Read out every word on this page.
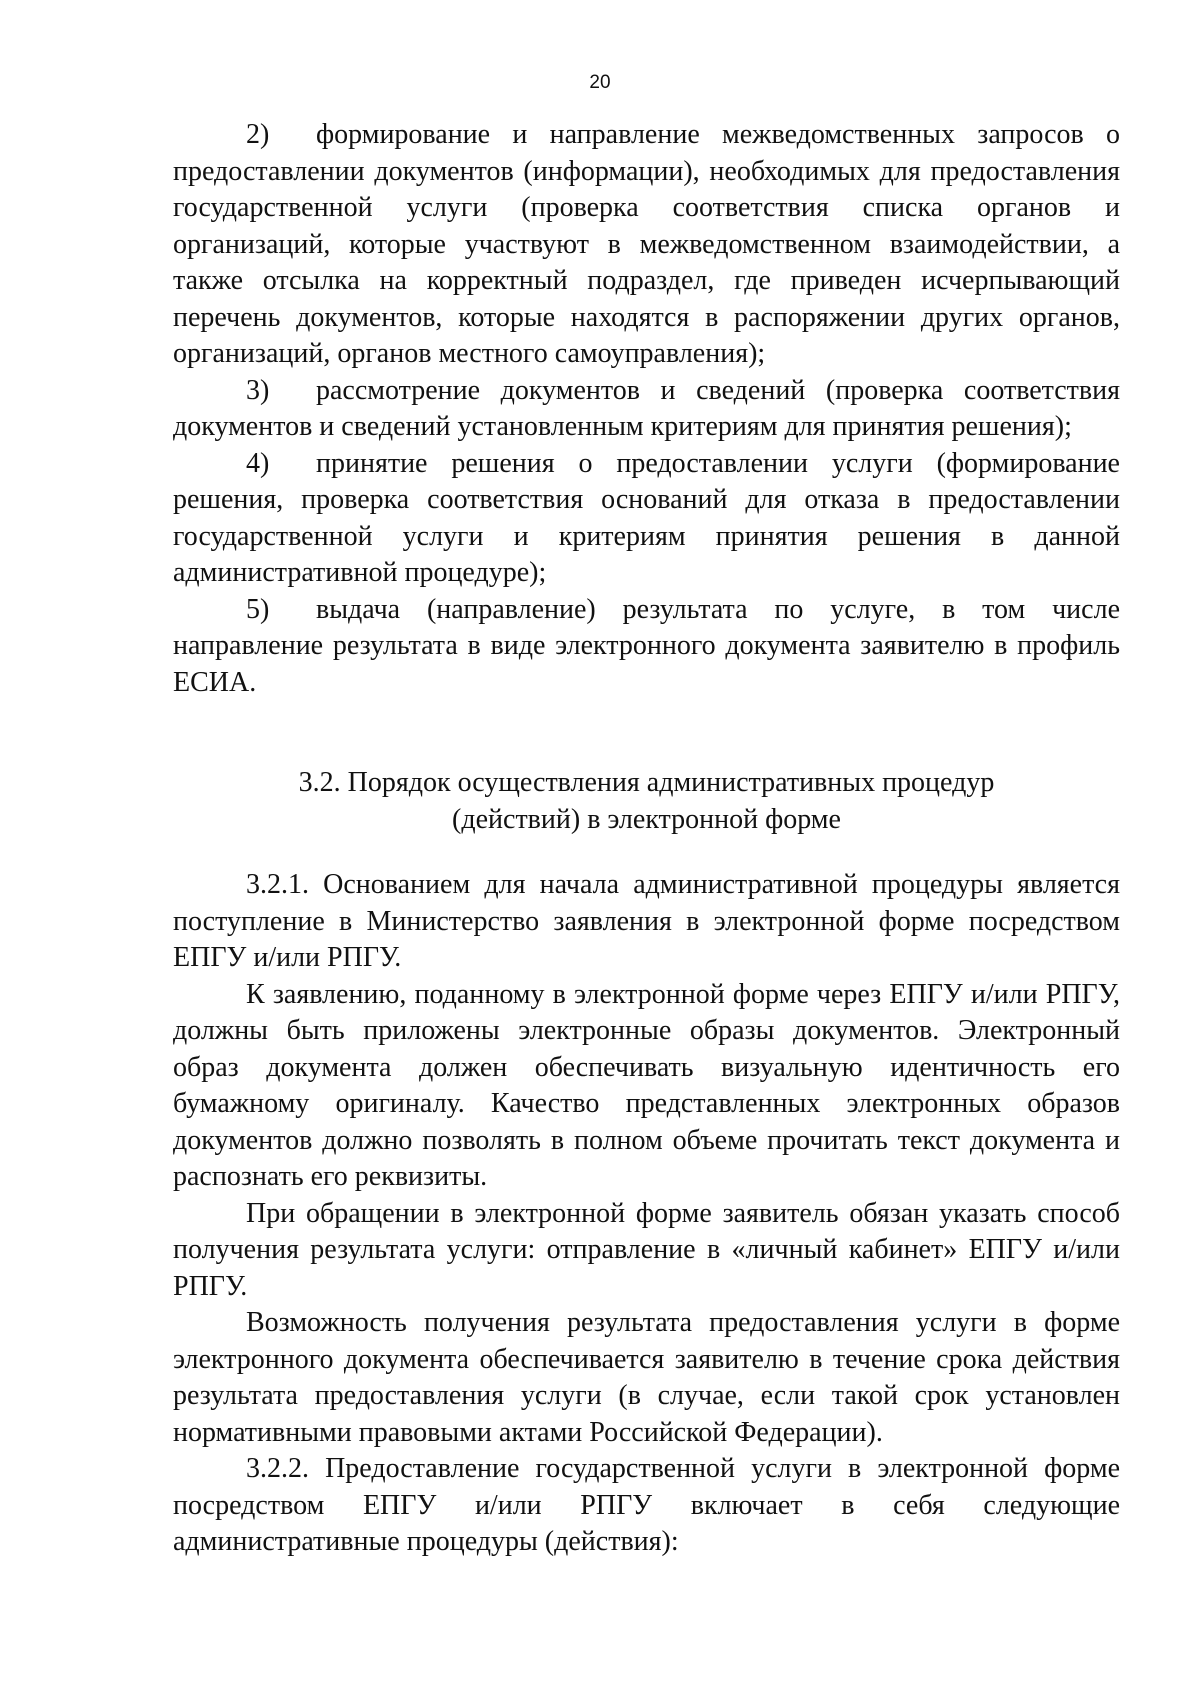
20

2) формирование и направление межведомственных запросов о предоставлении документов (информации), необходимых для предоставления государственной услуги (проверка соответствия списка органов и организаций, которые участвуют в межведомственном взаимодействии, а также отсылка на корректный подраздел, где приведен исчерпывающий перечень документов, которые находятся в распоряжении других органов, организаций, органов местного самоуправления);

3) рассмотрение документов и сведений (проверка соответствия документов и сведений установленным критериям для принятия решения);

4) принятие решения о предоставлении услуги (формирование решения, проверка соответствия оснований для отказа в предоставлении государственной услуги и критериям принятия решения в данной административной процедуре);

5) выдача (направление) результата по услуге, в том числе направление результата в виде электронного документа заявителю в профиль ЕСИА.

3.2. Порядок осуществления административных процедур
(действий) в электронной форме

3.2.1. Основанием для начала административной процедуры является поступление в Министерство заявления в электронной форме посредством ЕПГУ и/или РПГУ.

К заявлению, поданному в электронной форме через ЕПГУ и/или РПГУ, должны быть приложены электронные образы документов. Электронный образ документа должен обеспечивать визуальную идентичность его бумажному оригиналу. Качество представленных электронных образов документов должно позволять в полном объеме прочитать текст документа и распознать его реквизиты.

При обращении в электронной форме заявитель обязан указать способ получения результата услуги: отправление в «личный кабинет» ЕПГУ и/или РПГУ.

Возможность получения результата предоставления услуги в форме электронного документа обеспечивается заявителю в течение срока действия результата предоставления услуги (в случае, если такой срок установлен нормативными правовыми актами Российской Федерации).

3.2.2. Предоставление государственной услуги в электронной форме посредством ЕПГУ и/или РПГУ включает в себя следующие административные процедуры (действия):
